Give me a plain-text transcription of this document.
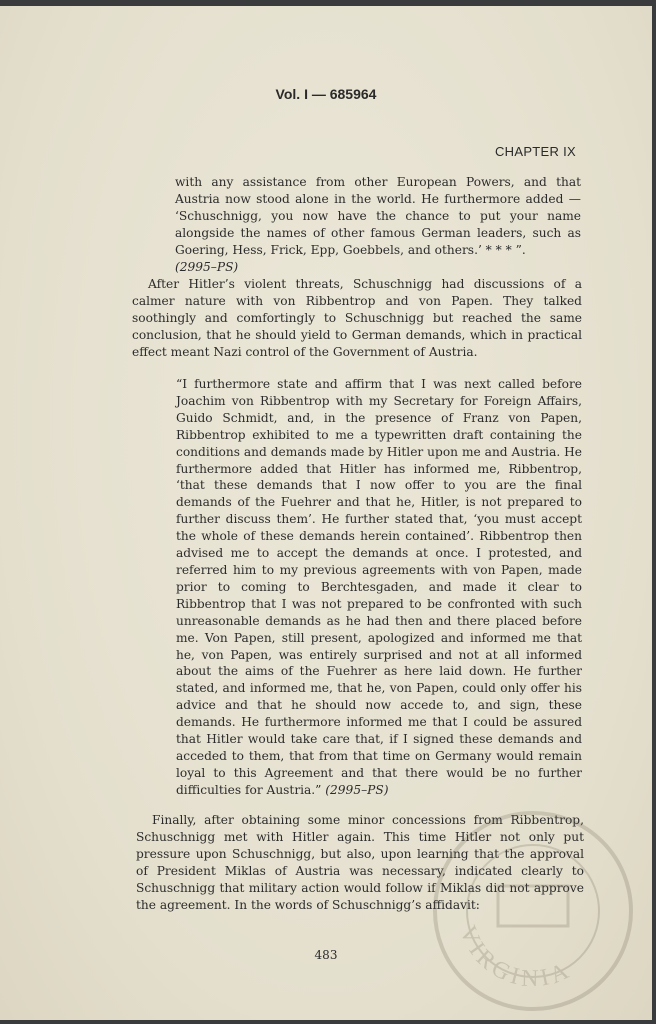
Vol. I — 685964
CHAPTER IX

with any assistance from other European Powers, and that Austria now stood alone in the world. He furthermore added — ‘Schuschnigg, you now have the chance to put your name alongside the names of other famous German leaders, such as Goering, Hess, Frick, Epp, Goebbels, and others.’ * * * ”.
(2995–PS)

After Hitler’s violent threats, Schuschnigg had discussions of a calmer nature with von Ribbentrop and von Papen. They talked soothingly and comfortingly to Schuschnigg but reached the same conclusion, that he should yield to German demands, which in practical effect meant Nazi control of the Government of Austria.

“I furthermore state and affirm that I was next called before Joachim von Ribbentrop with my Secretary for Foreign Affairs, Guido Schmidt, and, in the presence of Franz von Papen, Ribbentrop exhibited to me a typewritten draft containing the conditions and demands made by Hitler upon me and Austria. He furthermore added that Hitler has informed me, Ribbentrop, ‘that these demands that I now offer to you are the final demands of the Fuehrer and that he, Hitler, is not prepared to further discuss them’. He further stated that, ‘you must accept the whole of these demands herein contained’. Ribbentrop then advised me to accept the demands at once. I protested, and referred him to my previous agreements with von Papen, made prior to coming to Berchtesgaden, and made it clear to Ribbentrop that I was not prepared to be confronted with such unreasonable demands as he had then and there placed before me. Von Papen, still present, apologized and informed me that he, von Papen, was entirely surprised and not at all informed about the aims of the Fuehrer as here laid down. He further stated, and informed me, that he, von Papen, could only offer his advice and that he should now accede to, and sign, these demands. He furthermore informed me that I could be assured that Hitler would take care that, if I signed these demands and acceded to them, that from that time on Germany would remain loyal to this Agreement and that there would be no further difficulties for Austria.” (2995–PS)

Finally, after obtaining some minor concessions from Ribbentrop, Schuschnigg met with Hitler again. This time Hitler not only put pressure upon Schuschnigg, but also, upon learning that the approval of President Miklas of Austria was necessary, indicated clearly to Schuschnigg that military action would follow if Miklas did not approve the agreement. In the words of Schuschnigg’s affidavit:

483
VIRGINIA
